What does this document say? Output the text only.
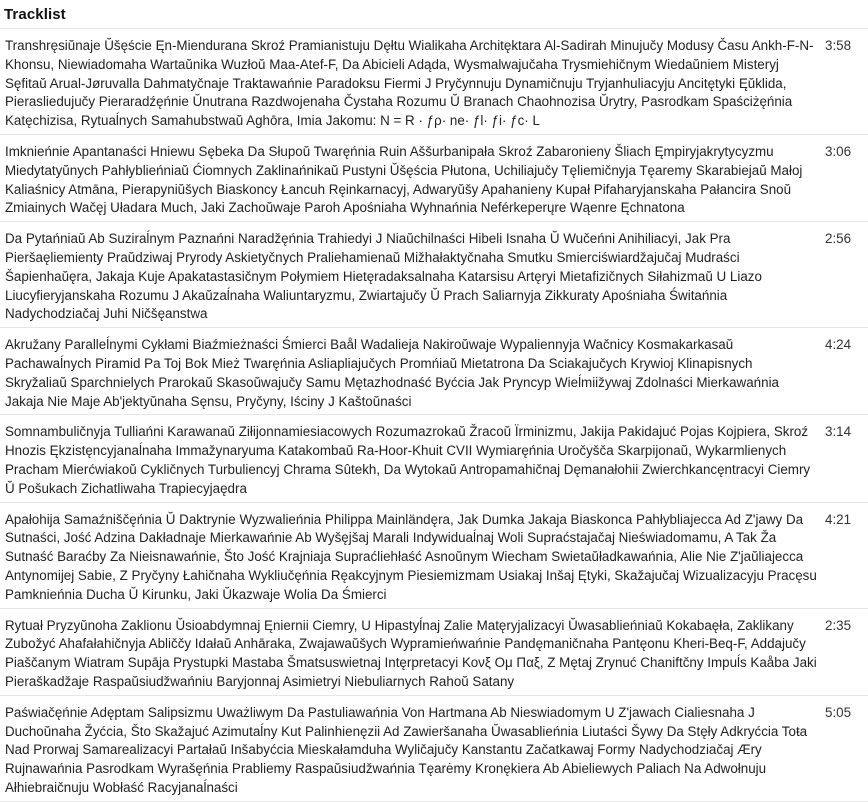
Tracklist
Transhręsiŭnaje Ŭšęście Ęn-Miendurana Skroź Pramianistuju Dęłtu Wialikaha Architęktara Al-Sadirah Minujučy Modusy Času Ankh-F-N-Khonsu, Niewiadomaha Wartaŭnika Wuzłoŭ Maa-Atef-F, Da Abicieli Adąda, Wysmalwajučaha Trysmiehičnym Wiedaŭniem Misteryj Sęfitaŭ Arual-Jøruvalla Dahmatyčnaje Traktawańnie Paradoksu Fiermi J Pryčynnuju Dynamičnuju Tryjanhuliacyju Ancitętyki Ęŭklida, Pierasliedujučy Pieraradźęńnie Ŭnutrana Razdwojenaha Čystaha Rozumu Ŭ Branach Chaohnozisa Ŭrytry, Pasrodkam Spaściżęńnia Katęchizisa, Rytuaĺnych Samahubstwaŭ Aghōra, Imia Jakomu: N = R · ƒρ· ne· ƒl· ƒi· ƒc· L
3:58
Imknieńnie Apantanaści Hniewu Sębeka Da Słupoŭ Twaręńnia Ruin Aššurbanipała Skroź Zabaronieny Šliach Ęmpiryjakrytycyzmu Miedytatyŭnych Pahłyblieńniaŭ Ćiomnych Zaklinańnikaŭ Pustyni Ŭšęścia Płutona, Uchiliajučy Tęliemičnyja Tęaremy Skarabiejaŭ Małoj Kaliaśnicy Atmāna, Pierapyniŭšych Biaskoncy Łancuh Ręinkarnacyj, Adwaryŭšy Apahanieny Kupał Pifaharyjanskaha Pałancira Snoŭ Zmiainych Wačęj Uładara Much, Jaki Zachoŭwaje Paroh Apośniaha Wyhnańnia Neférkeperųre Wąenre Ęchnatona
3:06
Da Pytańniaŭ Ab Suziraĺnym Paznańni Naradžęńnia Trahiedyi J Niaŭchilnaści Hibeli Isnaha Ŭ Wučeńni Anihiliacyi, Jak Pra Pieršaęliemienty Praŭdziwaj Pryrody Askietyčnych Praliehamienaŭ Mižhałaktyčnaha Smutku Smierciświardžajučaj Mudraści Šapienhaŭęra, Jakaja Kuje Apakatastasičnym Połymiem Hietęradaksalnaha Katarsisu Artęryi Mietafizičnych Siłahizmaŭ U Liazo Liucyfieryjanskaha Rozumu J Akaŭzaĺnaha Waliuntaryzmu, Zwiartajučy Ŭ Prach Saliarnyja Zikkuraty Apośniaha Świtańnia Nadychodziačaj Juhi Ničšęanstwa
2:56
Akružany Paralleĺnymi Cykłami Biaźmieżnaści Śmierci Baål Wadalieja Nakiroŭwaje Wypaliennyja Wačnicy Kosmakarkasaŭ Pachawaĺnych Piramid Pa Toj Bok Mież Twaręńnia Asliapliajučych Promńiaŭ Mietatrona Da Sciakajučych Krywioj Klinapisnych Skryžaliaŭ Sparchnielych Prarokaŭ Skasoŭwajučy Samu Mętazhodnaść Byćcia Jak Pryncyp Wieĺmiižywaj Zdolnaści Mierkawańnia Jakaja Nie Maje Ab'jektyŭnaha Sęnsu, Pryčyny, Iściny J Kaštoŭnaści
4:24
Somnambuličnyja Tulliańni Karawanaŭ Ziłijonnamiesiacowych Rozumazrokaŭ Žracoŭ Ïrminizmu, Jakija Pakidajuć Pojas Kojpiera, Skroź Hnozis Ękzistęncyjanaĺnaha Immažynaryuma Katakombaŭ Ra-Hoor-Khuit CVII Wymiaręńnia Uročyšča Skarpijonaŭ, Wykarmlienych Pracham Mierćwiakoŭ Cykličnych Turbuliencyj Chrama Sûtekh, Da Wytokaŭ Antropamahičnaj Dęmanałohii Zwierchkancęntracyi Ciemry Ŭ Pošukach Zichatliwaha Trapiecyjaędra
3:14
Apałohija Samaźniščęńnia Ŭ Daktrynie Wyzwalieńnia Philippa Mainländęra, Jak Dumka Jakaja Biaskonca Pahłybliajecca Ad Z'jawy Da Sutnaści, Jość Adzina Dakładnaje Mierkawańnie Ab Wyšęjšaj Marali Indywiduaĺnaj Woli Supraćstajačaj Nieświadomamu, A Tak Ža Sutnaść Baraćby Za Nieisnawańnie, Što Jość Krajniaja Supraćliehłaść Asnoŭnym Wiecham Swietaŭładkawańnia, Alie Nie Z'jaŭliajecca Antynomijej Sabie, Z Pryčyny Łahičnaha Wykliučęńnia Ręakcyjnym Piesiemizmam Usiakaj Inšaj Ętyki, Skažajučaj Wizualizacyju Pracęsu Pamknieńnia Ducha Ŭ Kirunku, Jaki Ŭkazwaje Wolia Da Śmierci
4:21
Rytuał Pryzyŭnoha Zaklionu Ŭsioabdymnaj Ęniernii Ciemry, U Hipastyĺnaj Zalie Matęryjalizacyi Ŭwasablieńniaŭ Kokabaęła, Zaklikany Zubožyć Ahafałahičnyja Abliččy Idałaŭ Anhāraka, Zwajawaŭšych Wypramieńwańnie Pandęmaničnaha Pantęonu Kheri-Beq-F, Addajučy Piaščanym Wiatram Supāja Prystupki Mastaba Šmatsuswietnaj Intęrpretacyi Κονξ Ομ Παξ, Z Mętaj Zrynuć Chaniftčny Impuĺs Kaåba Jaki Pieraškadžaje Raspaŭsiudžwańniu Baryjonnaj Asimietryi Niebuliarnych Rahoŭ Satany
2:35
Paświačęńnie Adęptam Salipsizmu Uważliwym Da Pastuliawańnia Von Hartmana Ab Nieswiadomym U Z'jawach Cialiesnaha J Duchoŭnaha Žyćcia, Što Skažajuć Azimutaĺny Kut Palinhienęzii Ad Zawieršanaha Ŭwasablieńnia Liutaści Šywy Da Stęły Adkryćcia Toŧa Nad Prorwaj Samarealizacyi Partałaŭ Inšabyćcia Mieskałamduha Wyličajučy Kanstantu Začatkawaj Formy Nadychodziačaj Æry Rujnawańnia Pasrodkam Wyrašęńnia Prabliemy Raspaŭsiudžwańnia Tęarėmy Kronękiera Ab Abieliewych Paliach Na Adwołnuju Ałhiebraičnuju Wobłaść Racyjanaĺnaści
5:05
